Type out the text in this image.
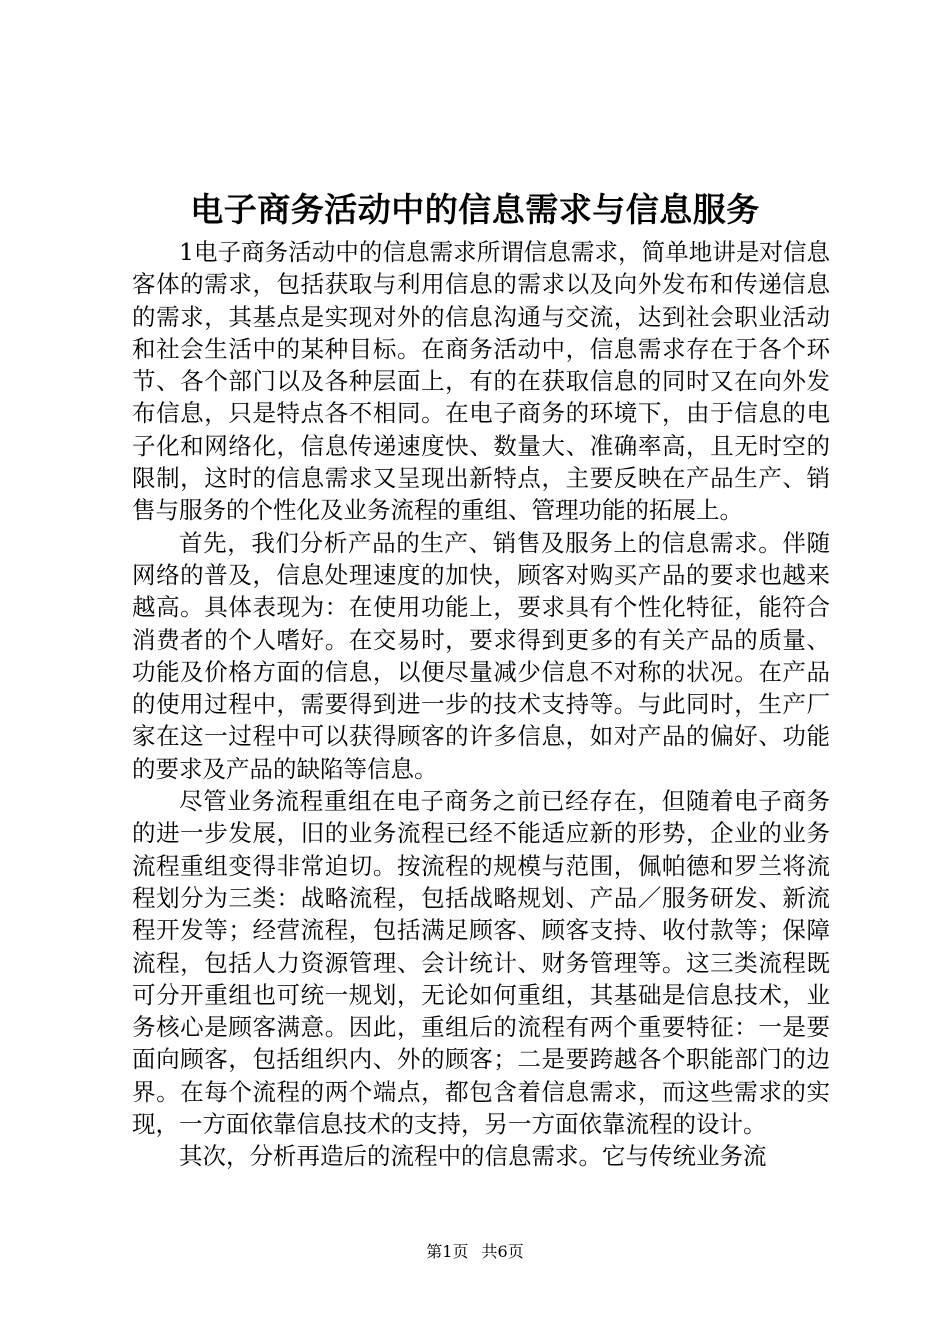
电子商务活动中的信息需求与信息服务

1电子商务活动中的信息需求所谓信息需求，简单地讲是对信息客体的需求，包括获取与利用信息的需求以及向外发布和传递信息的需求，其基点是实现对外的信息沟通与交流，达到社会职业活动和社会生活中的某种目标。在商务活动中，信息需求存在于各个环节、各个部门以及各种层面上，有的在获取信息的同时又在向外发布信息，只是特点各不相同。在电子商务的环境下，由于信息的电子化和网络化，信息传递速度快、数量大、准确率高，且无时空的限制，这时的信息需求又呈现出新特点，主要反映在产品生产、销售与服务的个性化及业务流程的重组、管理功能的拓展上。

首先，我们分析产品的生产、销售及服务上的信息需求。伴随网络的普及，信息处理速度的加快，顾客对购买产品的要求也越来越高。具体表现为：在使用功能上，要求具有个性化特征，能符合消费者的个人嗜好。在交易时，要求得到更多的有关产品的质量、功能及价格方面的信息，以便尽量减少信息不对称的状况。在产品的使用过程中，需要得到进一步的技术支持等。与此同时，生产厂家在这一过程中可以获得顾客的许多信息，如对产品的偏好、功能的要求及产品的缺陷等信息。

尽管业务流程重组在电子商务之前已经存在，但随着电子商务的进一步发展，旧的业务流程已经不能适应新的形势，企业的业务流程重组变得非常迫切。按流程的规模与范围，佩帕德和罗兰将流程划分为三类：战略流程，包括战略规划、产品／服务研发、新流程开发等；经营流程，包括满足顾客、顾客支持、收付款等；保障流程，包括人力资源管理、会计统计、财务管理等。这三类流程既可分开重组也可统一规划，无论如何重组，其基础是信息技术，业务核心是顾客满意。因此，重组后的流程有两个重要特征：一是要面向顾客，包括组织内、外的顾客；二是要跨越各个职能部门的边界。在每个流程的两个端点，都包含着信息需求，而这些需求的实现，一方面依靠信息技术的支持，另一方面依靠流程的设计。

其次，分析再造后的流程中的信息需求。它与传统业务流

第1页 共6页
